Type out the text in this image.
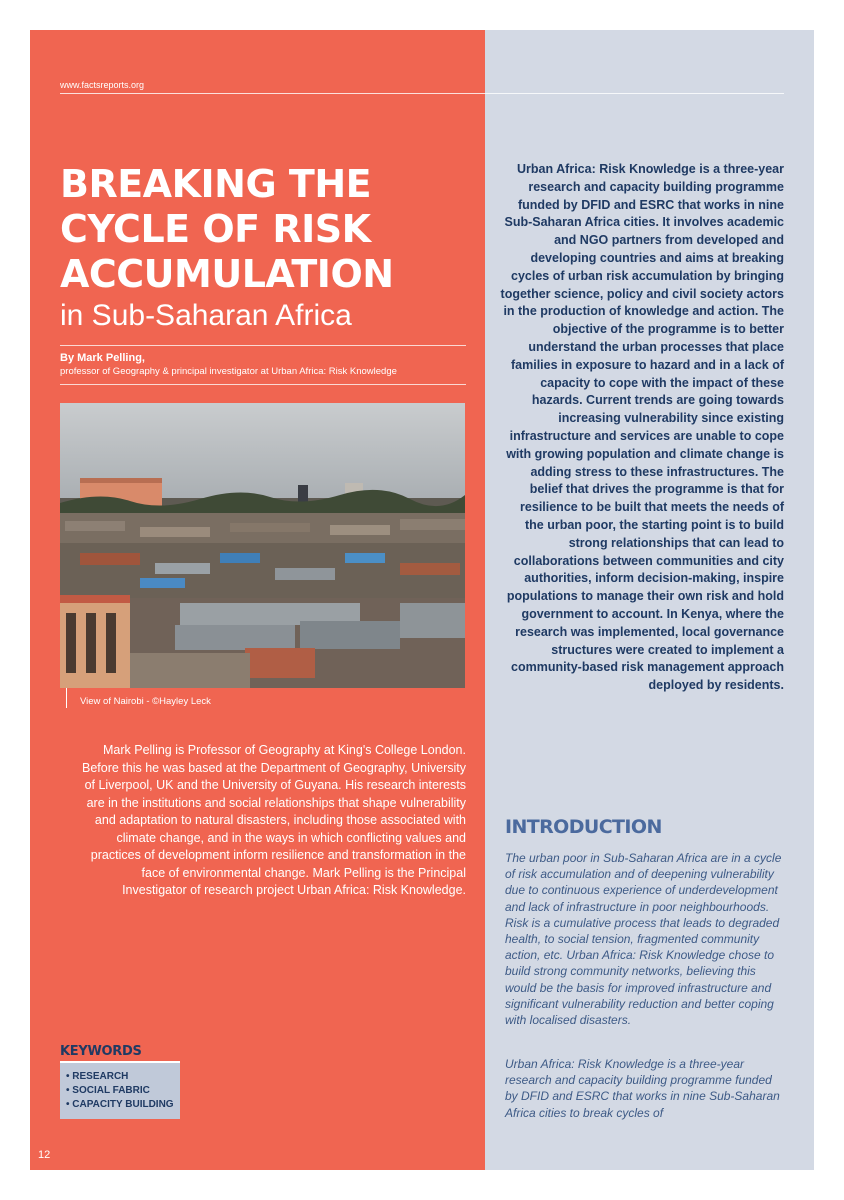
www.factsreports.org
BREAKING THE
CYCLE OF RISK
ACCUMULATION
in Sub-Saharan Africa
By Mark Pelling,
professor of Geography & principal investigator at Urban Africa: Risk Knowledge
View of Nairobi - ©Hayley Leck

Mark Pelling is Professor of Geography at King's College London. Before this he was based at the Department of Geography, University of Liverpool, UK and the University of Guyana. His research interests are in the institutions and social relationships that shape vulnerability and adaptation to natural disasters, including those associated with climate change, and in the ways in which conflicting values and practices of development inform resilience and transformation in the face of environmental change. Mark Pelling is the Principal Investigator of research project Urban Africa: Risk Knowledge.

KEYWORDS
• RESEARCH
• SOCIAL FABRIC
• CAPACITY BUILDING
12

Urban Africa: Risk Knowledge is a three-year research and capacity building programme funded by DFID and ESRC that works in nine Sub-Saharan Africa cities. It involves academic and NGO partners from developed and developing countries and aims at breaking cycles of urban risk accumulation by bringing together science, policy and civil society actors in the production of knowledge and action. The objective of the programme is to better understand the urban processes that place families in exposure to hazard and in a lack of capacity to cope with the impact of these hazards. Current trends are going towards increasing vulnerability since existing infrastructure and services are unable to cope with growing population and climate change is adding stress to these infrastructures. The belief that drives the programme is that for resilience to be built that meets the needs of the urban poor, the starting point is to build strong relationships that can lead to collaborations between communities and city authorities, inform decision-making, inspire populations to manage their own risk and hold government to account. In Kenya, where the research was implemented, local governance structures were created to implement a community-based risk management approach deployed by residents.

INTRODUCTION

The urban poor in Sub-Saharan Africa are in a cycle of risk accumulation and of deepening vulnerability due to continuous experience of underdevelopment and lack of infrastructure in poor neighbourhoods. Risk is a cumulative process that leads to degraded health, to social tension, fragmented community action, etc. Urban Africa: Risk Knowledge chose to build strong community networks, believing this would be the basis for improved infrastructure and significant vulnerability reduction and better coping with localised disasters.

Urban Africa: Risk Knowledge is a three-year research and capacity building programme funded by DFID and ESRC that works in nine Sub-Saharan Africa cities to break cycles of
